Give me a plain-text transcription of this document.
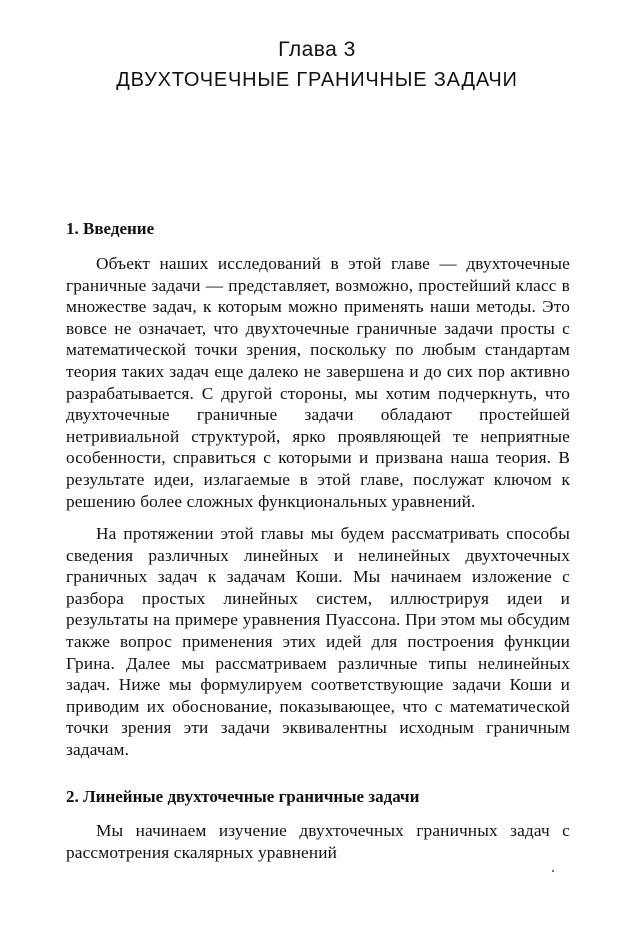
Глава 3
ДВУХТОЧЕЧНЫЕ ГРАНИЧНЫЕ ЗАДАЧИ
1. Введение

Объект наших исследований в этой главе — двухточечные граничные задачи — представляет, возможно, простейший класс в множестве задач, к которым можно применять наши методы. Это вовсе не означает, что двухточечные граничные задачи просты с математической точки зрения, поскольку по любым стандартам теория таких задач еще далеко не завершена и до сих пор активно разрабатывается. С другой стороны, мы хотим подчеркнуть, что двухточечные граничные задачи обладают простейшей нетривиальной структурой, ярко проявляющей те неприятные особенности, справиться с которыми и призвана наша теория. В результате идеи, излагаемые в этой главе, послужат ключом к решению более сложных функциональных уравнений.

На протяжении этой главы мы будем рассматривать способы сведения различных линейных и нелинейных двухточечных граничных задач к задачам Коши. Мы начинаем изложение с разбора простых линейных систем, иллюстрируя идеи и результаты на примере уравнения Пуассона. При этом мы обсудим также вопрос применения этих идей для построения функции Грина. Далее мы рассматриваем различные типы нелинейных задач. Ниже мы формулируем соответствующие задачи Коши и приводим их обоснование, показывающее, что с математической точки зрения эти задачи эквивалентны исходным граничным задачам.

2. Линейные двухточечные граничные задачи

Мы начинаем изучение двухточечных граничных задач с рассмотрения скалярных уравнений
